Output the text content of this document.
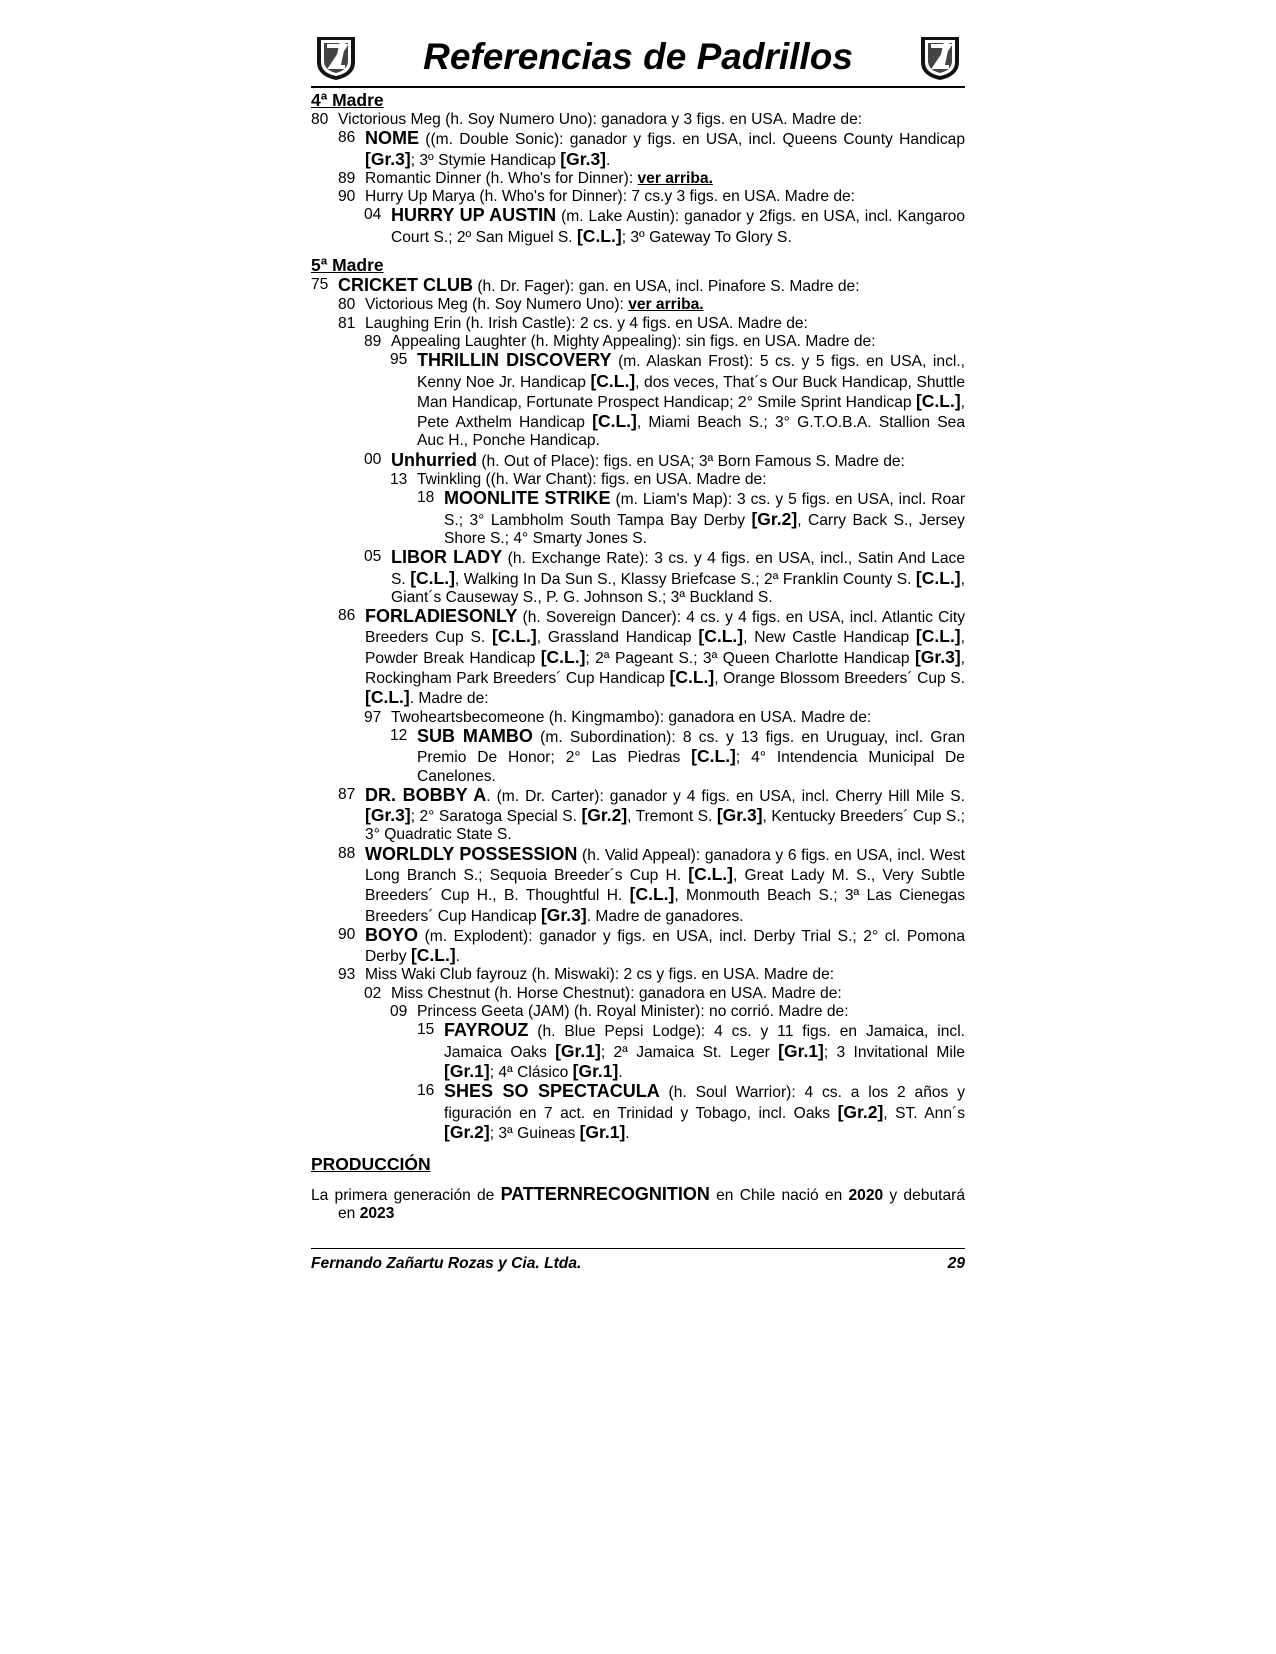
Referencias de Padrillos
4ª Madre
80 Victorious Meg (h. Soy Numero Uno): ganadora y 3 figs. en USA. Madre de:
86 NOME ((m. Double Sonic): ganador y figs. en USA, incl. Queens County Handicap [Gr.3]; 3º Stymie Handicap [Gr.3].
89 Romantic Dinner (h. Who's for Dinner): ver arriba.
90 Hurry Up Marya (h. Who's for Dinner): 7 cs.y 3 figs. en USA. Madre de:
04 HURRY UP AUSTIN (m. Lake Austin): ganador y 2figs. en USA, incl. Kangaroo Court S.; 2º San Miguel S. [C.L.]; 3º Gateway To Glory S.
5ª Madre
75 CRICKET CLUB (h. Dr. Fager): gan. en USA, incl. Pinafore S. Madre de:
80 Victorious Meg (h. Soy Numero Uno): ver arriba.
81 Laughing Erin (h. Irish Castle): 2 cs. y 4 figs. en USA. Madre de:
89 Appealing Laughter (h. Mighty Appealing): sin figs. en USA. Madre de:
95 THRILLIN DISCOVERY (m. Alaskan Frost): 5 cs. y 5 figs. en USA, incl., Kenny Noe Jr. Handicap [C.L.], dos veces, That´s Our Buck Handicap, Shuttle Man Handicap, Fortunate Prospect Handicap; 2° Smile Sprint Handicap [C.L.], Pete Axthelm Handicap [C.L.], Miami Beach S.; 3° G.T.O.B.A. Stallion Sea Auc H., Ponche Handicap.
00 Unhurried (h. Out of Place): figs. en USA; 3ª Born Famous S. Madre de:
13 Twinkling ((h. War Chant): figs. en USA. Madre de:
18 MOONLITE STRIKE (m. Liam's Map): 3 cs. y 5 figs. en USA, incl. Roar S.; 3° Lambholm South Tampa Bay Derby [Gr.2], Carry Back S., Jersey Shore S.; 4° Smarty Jones S.
05 LIBOR LADY (h. Exchange Rate): 3 cs. y 4 figs. en USA, incl., Satin And Lace S. [C.L.], Walking In Da Sun S., Klassy Briefcase S.; 2ª Franklin County S. [C.L.], Giant´s Causeway S., P. G. Johnson S.; 3ª Buckland S.
86 FORLADIESONLY (h. Sovereign Dancer): 4 cs. y 4 figs. en USA, incl. Atlantic City Breeders Cup S. [C.L.], Grassland Handicap [C.L.], New Castle Handicap [C.L.], Powder Break Handicap [C.L.]; 2ª Pageant S.; 3ª Queen Charlotte Handicap [Gr.3], Rockingham Park Breeders´ Cup Handicap [C.L.], Orange Blossom Breeders´ Cup S. [C.L.]. Madre de:
97 Twoheartsbecomeone (h. Kingmambo): ganadora en USA. Madre de:
12 SUB MAMBO (m. Subordination): 8 cs. y 13 figs. en Uruguay, incl. Gran Premio De Honor; 2° Las Piedras [C.L.]; 4° Intendencia Municipal De Canelones.
87 DR. BOBBY A. (m. Dr. Carter): ganador y 4 figs. en USA, incl. Cherry Hill Mile S. [Gr.3]; 2° Saratoga Special S. [Gr.2], Tremont S. [Gr.3], Kentucky Breeders´ Cup S.; 3° Quadratic State S.
88 WORLDLY POSSESSION (h. Valid Appeal): ganadora y 6 figs. en USA, incl. West Long Branch S.; Sequoia Breeder´s Cup H. [C.L.], Great Lady M. S., Very Subtle Breeders´ Cup H., B. Thoughtful H. [C.L.], Monmouth Beach S.; 3ª Las Cienegas Breeders´ Cup Handicap [Gr.3]. Madre de ganadores.
90 BOYO (m. Explodent): ganador y figs. en USA, incl. Derby Trial S.; 2° cl. Pomona Derby [C.L.].
93 Miss Waki Club fayrouz (h. Miswaki): 2 cs y figs. en USA. Madre de:
02 Miss Chestnut (h. Horse Chestnut): ganadora en USA. Madre de:
09 Princess Geeta (JAM) (h. Royal Minister): no corrió. Madre de:
15 FAYROUZ (h. Blue Pepsi Lodge): 4 cs. y 11 figs. en Jamaica, incl. Jamaica Oaks [Gr.1]; 2ª Jamaica St. Leger [Gr.1]; 3 Invitational Mile [Gr.1]; 4ª Clásico [Gr.1].
16 SHES SO SPECTACULA (h. Soul Warrior): 4 cs. a los 2 años y figuración en 7 act. en Trinidad y Tobago, incl. Oaks [Gr.2], ST. Ann´s [Gr.2]; 3ª Guineas [Gr.1].
PRODUCCIÓN
La primera generación de PATTERNRECOGNITION en Chile nació en 2020 y debutará en 2023
Fernando Zañartu Rozas y Cia. Ltda.	29
